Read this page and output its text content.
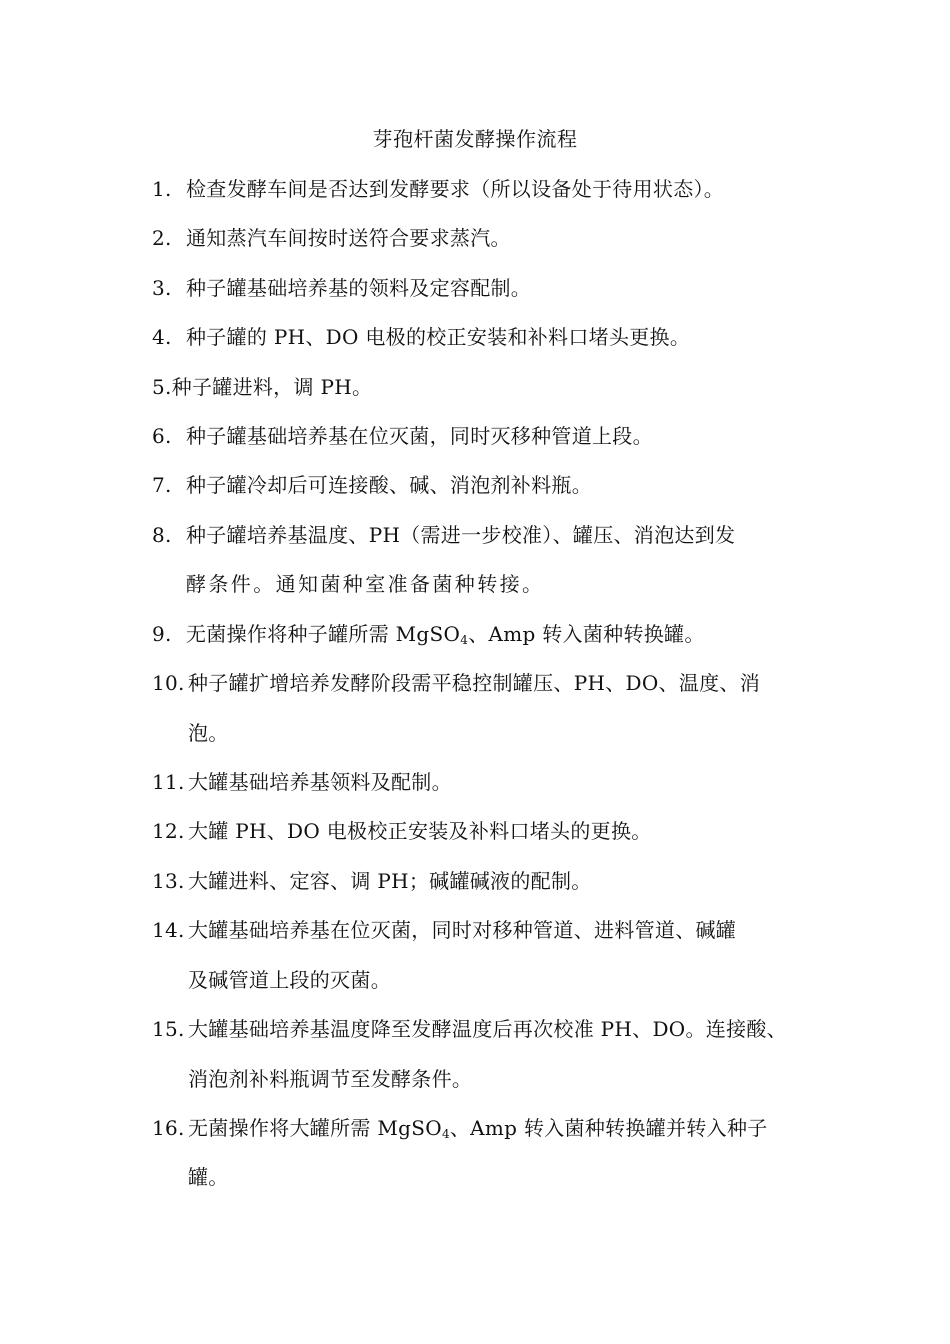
芽孢杆菌发酵操作流程
1. 检查发酵车间是否达到发酵要求（所以设备处于待用状态）。
2. 通知蒸汽车间按时送符合要求蒸汽。
3. 种子罐基础培养基的领料及定容配制。
4. 种子罐的 PH、DO 电极的校正安装和补料口堵头更换。
5.种子罐进料，调 PH。
6. 种子罐基础培养基在位灭菌，同时灭移种管道上段。
7. 种子罐冷却后可连接酸、碱、消泡剂补料瓶。
8. 种子罐培养基温度、PH（需进一步校准）、罐压、消泡达到发
酵条件。通知菌种室准备菌种转接。
9. 无菌操作将种子罐所需 MgSO$_4$、Amp 转入菌种转换罐。
10. 种子罐扩增培养发酵阶段需平稳控制罐压、PH、DO、温度、消
泡。
11. 大罐基础培养基领料及配制。
12. 大罐 PH、DO 电极校正安装及补料口堵头的更换。
13. 大罐进料、定容、调 PH；碱罐碱液的配制。
14. 大罐基础培养基在位灭菌，同时对移种管道、进料管道、碱罐
及碱管道上段的灭菌。
15. 大罐基础培养基温度降至发酵温度后再次校准 PH、DO。连接酸、
消泡剂补料瓶调节至发酵条件。
16. 无菌操作将大罐所需 MgSO$_4$、Amp 转入菌种转换罐并转入种子
罐。
